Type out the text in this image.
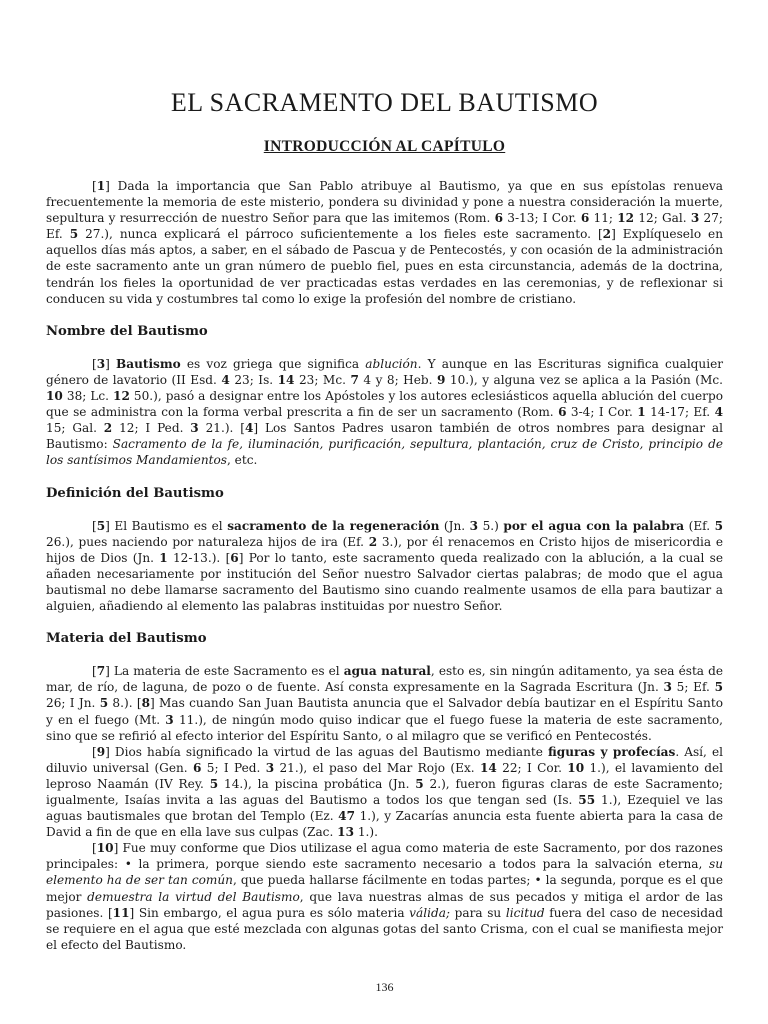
EL SACRAMENTO DEL BAUTISMO
INTRODUCCIÓN AL CAPÍTULO

[1] Dada la importancia que San Pablo atribuye al Bautismo, ya que en sus epístolas renueva frecuentemente la memoria de este misterio, pondera su divinidad y pone a nuestra consideración la muerte, sepultura y resurrección de nuestro Señor para que las imitemos (Rom. 6 3-13; I Cor. 6 11; 12 12; Gal. 3 27; Ef. 5 27.), nunca explicará el párroco suficientemente a los fieles este sacramento. [2] Explíqueselo en aquellos días más aptos, a saber, en el sábado de Pascua y de Pentecostés, y con ocasión de la administración de este sacramento ante un gran número de pueblo fiel, pues en esta circunstancia, además de la doctrina, tendrán los fieles la oportunidad de ver practicadas estas verdades en las ceremonias, y de reflexionar si conducen su vida y costumbres tal como lo exige la profesión del nombre de cristiano.

Nombre del Bautismo

[3] Bautismo es voz griega que significa ablución. Y aunque en las Escrituras significa cualquier género de lavatorio (II Esd. 4 23; Is. 14 23; Mc. 7 4 y 8; Heb. 9 10.), y alguna vez se aplica a la Pasión (Mc. 10 38; Lc. 12 50.), pasó a designar entre los Apóstoles y los autores eclesiásticos aquella ablución del cuerpo que se administra con la forma verbal prescrita a fin de ser un sacramento (Rom. 6 3-4; I Cor. 1 14-17; Ef. 4 15; Gal. 2 12; I Ped. 3 21.). [4] Los Santos Padres usaron también de otros nombres para designar al Bautismo: Sacramento de la fe, iluminación, purificación, sepultura, plantación, cruz de Cristo, principio de los santísimos Mandamientos, etc.

Definición del Bautismo

[5] El Bautismo es el sacramento de la regeneración (Jn. 3 5.) por el agua con la palabra (Ef. 5 26.), pues naciendo por naturaleza hijos de ira (Ef. 2 3.), por él renacemos en Cristo hijos de misericordia e hijos de Dios (Jn. 1 12-13.). [6] Por lo tanto, este sacramento queda realizado con la ablución, a la cual se añaden necesariamente por institución del Señor nuestro Salvador ciertas palabras; de modo que el agua bautismal no debe llamarse sacramento del Bautismo sino cuando realmente usamos de ella para bautizar a alguien, añadiendo al elemento las palabras instituidas por nuestro Señor.

Materia del Bautismo

[7] La materia de este Sacramento es el agua natural, esto es, sin ningún aditamento, ya sea ésta de mar, de río, de laguna, de pozo o de fuente. Así consta expresamente en la Sagrada Escritura (Jn. 3 5; Ef. 5 26; I Jn. 5 8.). [8] Mas cuando San Juan Bautista anuncia que el Salvador debía bautizar en el Espíritu Santo y en el fuego (Mt. 3 11.), de ningún modo quiso indicar que el fuego fuese la materia de este sacramento, sino que se refirió al efecto interior del Espíritu Santo, o al milagro que se verificó en Pentecostés.

[9] Dios había significado la virtud de las aguas del Bautismo mediante figuras y profecías. Así, el diluvio universal (Gen. 6 5; I Ped. 3 21.), el paso del Mar Rojo (Ex. 14 22; I Cor. 10 1.), el lavamiento del leproso Naamán (IV Rey. 5 14.), la piscina probática (Jn. 5 2.), fueron figuras claras de este Sacramento; igualmente, Isaías invita a las aguas del Bautismo a todos los que tengan sed (Is. 55 1.), Ezequiel ve las aguas bautismales que brotan del Templo (Ez. 47 1.), y Zacarías anuncia esta fuente abierta para la casa de David a fin de que en ella lave sus culpas (Zac. 13 1.).

[10] Fue muy conforme que Dios utilizase el agua como materia de este Sacramento, por dos razones principales: • la primera, porque siendo este sacramento necesario a todos para la salvación eterna, su elemento ha de ser tan común, que pueda hallarse fácilmente en todas partes; • la segunda, porque es el que mejor demuestra la virtud del Bautismo, que lava nuestras almas de sus pecados y mitiga el ardor de las pasiones. [11] Sin embargo, el agua pura es sólo materia válida; para su licitud fuera del caso de necesidad se requiere en el agua que esté mezclada con algunas gotas del santo Crisma, con el cual se manifiesta mejor el efecto del Bautismo.

136
